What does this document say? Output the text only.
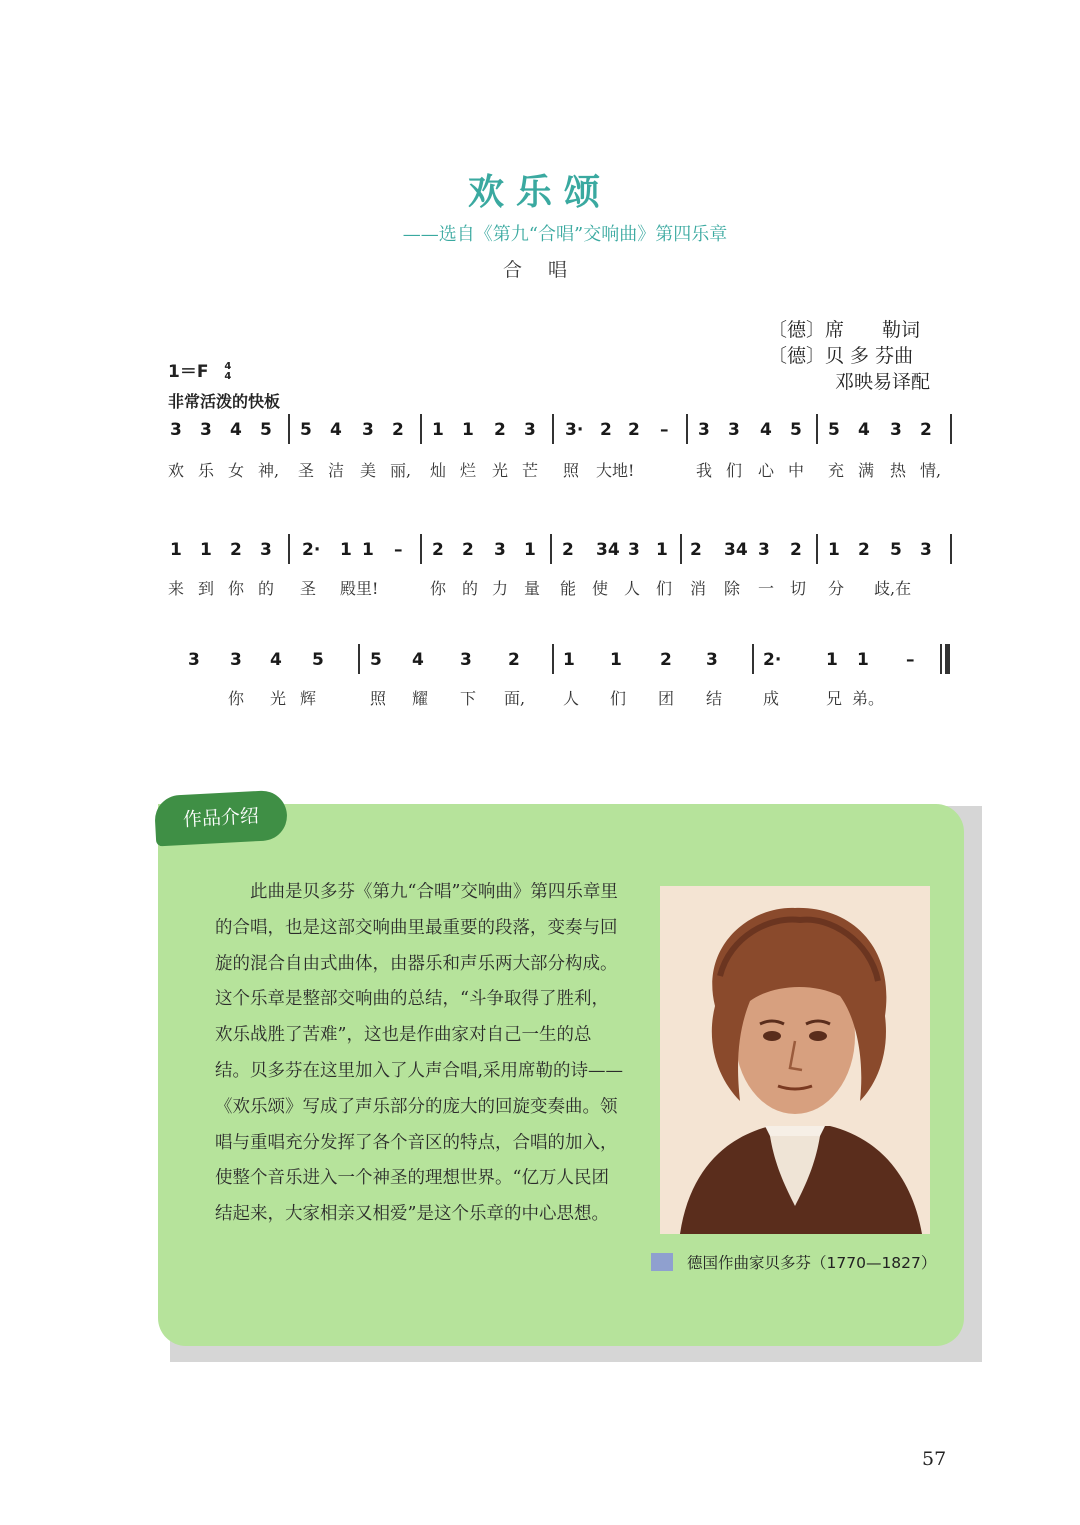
欢乐颂
——选自《第九“合唱”交响曲》第四乐章
合 唱
〔德〕席　　勒词
〔德〕贝 多 芬曲
邓映易译配
1＝F 4
4
非常活泼的快板
3 3 4 5 5 4 3 2 1 1 2 3 3· 2 2 – 3 3 4 5 5 4 3 2
欢 乐 女 神, 圣 洁 美 丽, 灿 烂 光 芒 照 大地!	我 们 心 中 充 满 热 情,
1 1 2 3 2· 1 1 – 2 2 3 1 2 34 3 1 2 34 3 2 1 2 5 3
来 到 你 的 圣 殿里!	你 的 力 量 能 使 人 们 消 除 一 切 分 歧,在
3 3 4 5	5 4 3 2	1 1 2 3	2·	1 1 –
你 光 辉	照 耀 下 面, 人 们 团 结	成	兄 弟。
作品介绍
　　此曲是贝多芬《第九“合唱”交响曲》第四乐章里的合唱，也是这部交响曲里最重要的段落，变奏与回旋的混合自由式曲体，由器乐和声乐两大部分构成。这个乐章是整部交响曲的总结，“斗争取得了胜利，欢乐战胜了苦难”，这也是作曲家对自己一生的总结。贝多芬在这里加入了人声合唱,采用席勒的诗——《欢乐颂》写成了声乐部分的庞大的回旋变奏曲。领唱与重唱充分发挥了各个音区的特点，合唱的加入，使整个音乐进入一个神圣的理想世界。“亿万人民团结起来，大家相亲又相爱”是这个乐章的中心思想。
德国作曲家贝多芬（1770—1827）
57
